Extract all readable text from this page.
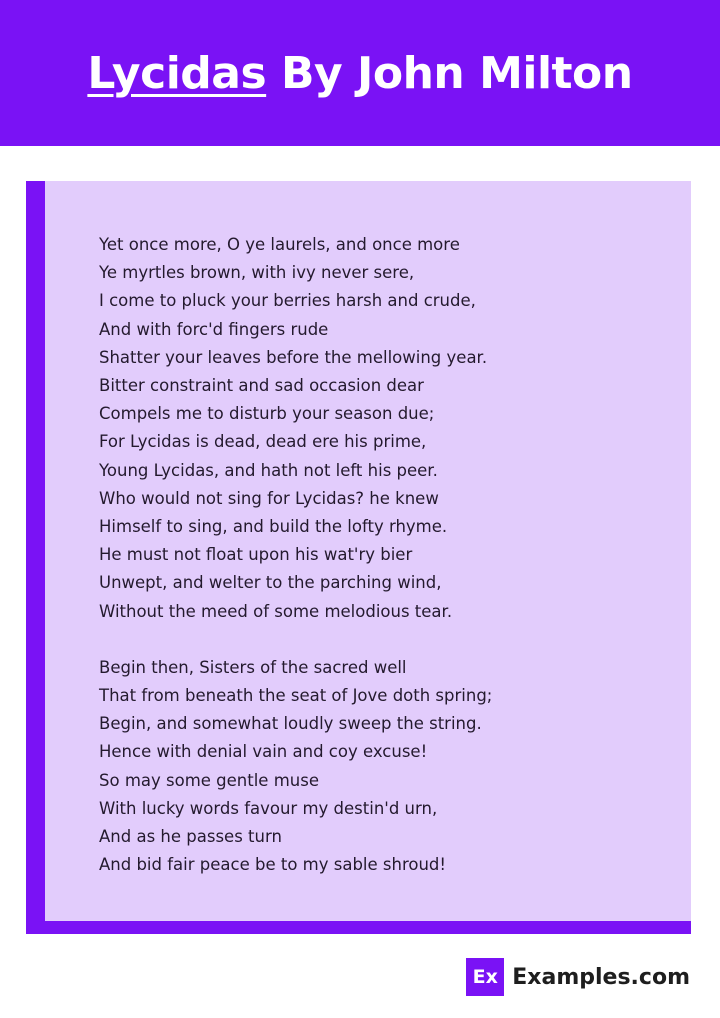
Lycidas By John Milton

Yet once more, O ye laurels, and once more
Ye myrtles brown, with ivy never sere,
I come to pluck your berries harsh and crude,
And with forc'd fingers rude
Shatter your leaves before the mellowing year.
Bitter constraint and sad occasion dear
Compels me to disturb your season due;
For Lycidas is dead, dead ere his prime,
Young Lycidas, and hath not left his peer.
Who would not sing for Lycidas? he knew
Himself to sing, and build the lofty rhyme.
He must not float upon his wat'ry bier
Unwept, and welter to the parching wind,
Without the meed of some melodious tear.

Begin then, Sisters of the sacred well
That from beneath the seat of Jove doth spring;
Begin, and somewhat loudly sweep the string.
Hence with denial vain and coy excuse!
So may some gentle muse
With lucky words favour my destin'd urn,
And as he passes turn
And bid fair peace be to my sable shroud!

Ex Examples.com
